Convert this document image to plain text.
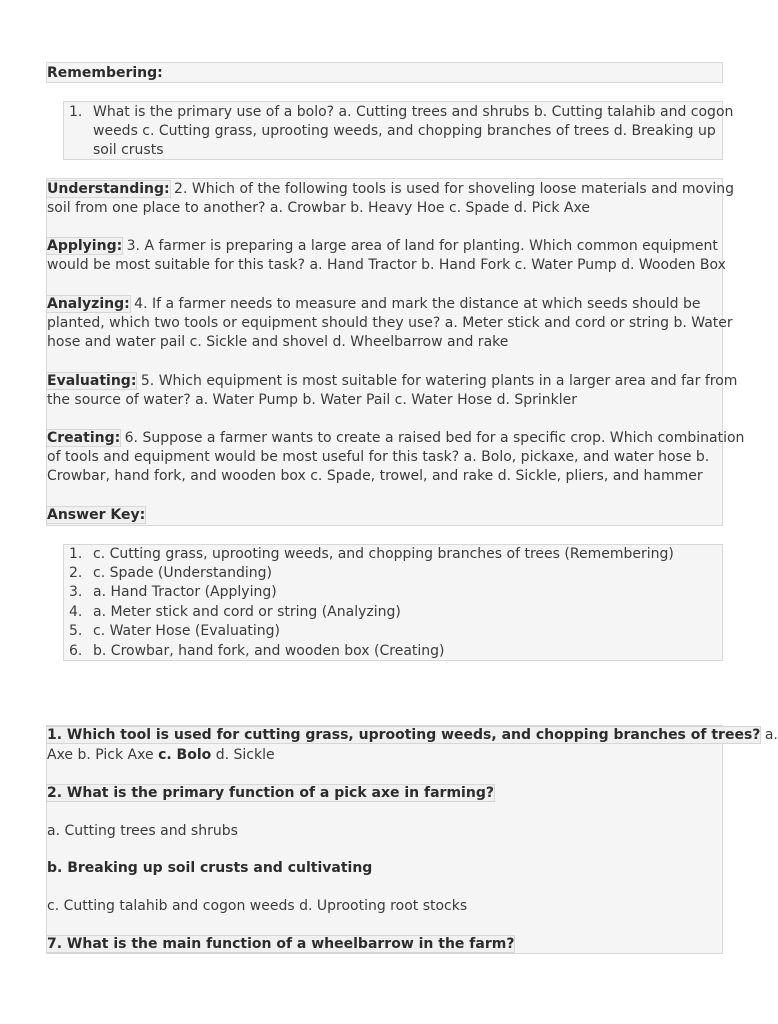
Remembering:
1. What is the primary use of a bolo? a. Cutting trees and shrubs b. Cutting talahib and cogon
weeds c. Cutting grass, uprooting weeds, and chopping branches of trees d. Breaking up
soil crusts
Understanding: 2. Which of the following tools is used for shoveling loose materials and moving
soil from one place to another? a. Crowbar b. Heavy Hoe c. Spade d. Pick Axe
Applying: 3. A farmer is preparing a large area of land for planting. Which common equipment
would be most suitable for this task? a. Hand Tractor b. Hand Fork c. Water Pump d. Wooden Box
Analyzing: 4. If a farmer needs to measure and mark the distance at which seeds should be
planted, which two tools or equipment should they use? a. Meter stick and cord or string b. Water
hose and water pail c. Sickle and shovel d. Wheelbarrow and rake
Evaluating: 5. Which equipment is most suitable for watering plants in a larger area and far from
the source of water? a. Water Pump b. Water Pail c. Water Hose d. Sprinkler
Creating: 6. Suppose a farmer wants to create a raised bed for a specific crop. Which combination
of tools and equipment would be most useful for this task? a. Bolo, pickaxe, and water hose b.
Crowbar, hand fork, and wooden box c. Spade, trowel, and rake d. Sickle, pliers, and hammer
Answer Key:
1. c. Cutting grass, uprooting weeds, and chopping branches of trees (Remembering)
2. c. Spade (Understanding)
3. a. Hand Tractor (Applying)
4. a. Meter stick and cord or string (Analyzing)
5. c. Water Hose (Evaluating)
6. b. Crowbar, hand fork, and wooden box (Creating)
1. Which tool is used for cutting grass, uprooting weeds, and chopping branches of trees? a.
Axe b. Pick Axe c. Bolo d. Sickle
2. What is the primary function of a pick axe in farming?
a. Cutting trees and shrubs
b. Breaking up soil crusts and cultivating
c. Cutting talahib and cogon weeds d. Uprooting root stocks
7. What is the main function of a wheelbarrow in the farm?
